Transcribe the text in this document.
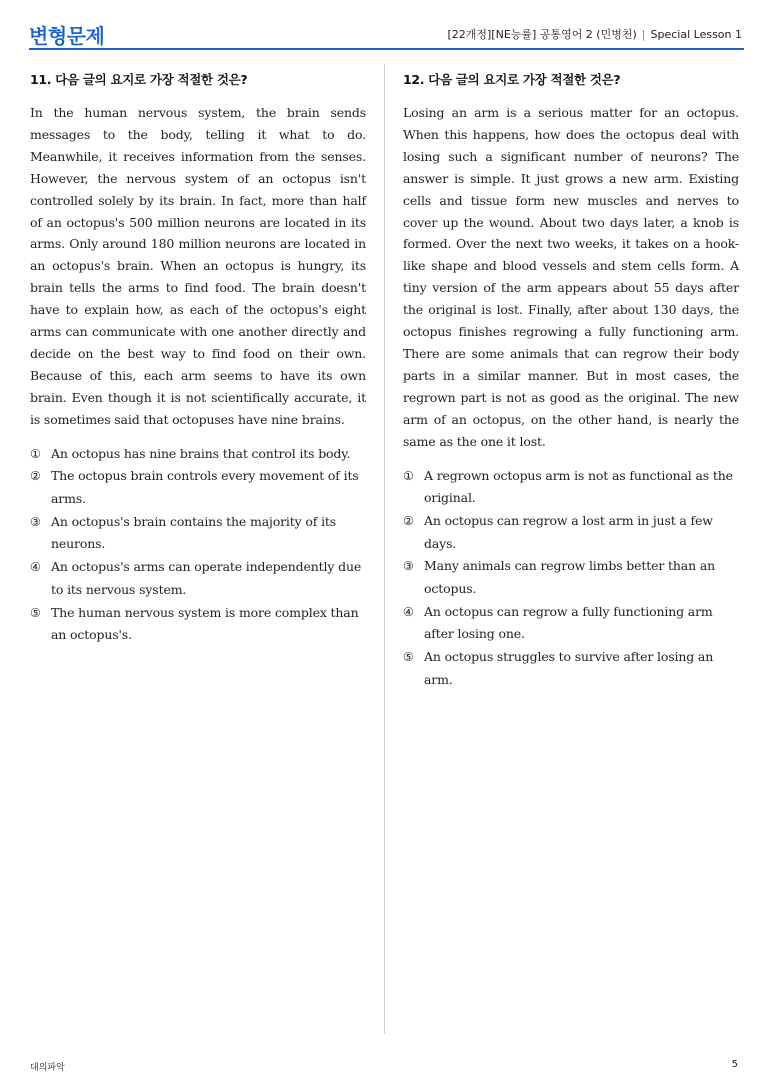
변형문제	[22개정][NE능률] 공통영어 2 (민병천) | Special Lesson 1
11. 다음 글의 요지로 가장 적절한 것은?

In the human nervous system, the brain sends messages to the body, telling it what to do. Meanwhile, it receives information from the senses. However, the nervous system of an octopus isn't controlled solely by its brain. In fact, more than half of an octopus's 500 million neurons are located in its arms. Only around 180 million neurons are located in an octopus's brain. When an octopus is hungry, its brain tells the arms to find food. The brain doesn't have to explain how, as each of the octopus's eight arms can communicate with one another directly and decide on the best way to find food on their own. Because of this, each arm seems to have its own brain. Even though it is not scientifically accurate, it is sometimes said that octopuses have nine brains.

① An octopus has nine brains that control its body.
② The octopus brain controls every movement of its arms.
③ An octopus's brain contains the majority of its neurons.
④ An octopus's arms can operate independently due to its nervous system.
⑤ The human nervous system is more complex than an octopus's.
12. 다음 글의 요지로 가장 적절한 것은?

Losing an arm is a serious matter for an octopus. When this happens, how does the octopus deal with losing such a significant number of neurons? The answer is simple. It just grows a new arm. Existing cells and tissue form new muscles and nerves to cover up the wound. About two days later, a knob is formed. Over the next two weeks, it takes on a hook-like shape and blood vessels and stem cells form. A tiny version of the arm appears about 55 days after the original is lost. Finally, after about 130 days, the octopus finishes regrowing a fully functioning arm. There are some animals that can regrow their body parts in a similar manner. But in most cases, the regrown part is not as good as the original. The new arm of an octopus, on the other hand, is nearly the same as the one it lost.

① A regrown octopus arm is not as functional as the original.
② An octopus can regrow a lost arm in just a few days.
③ Many animals can regrow limbs better than an octopus.
④ An octopus can regrow a fully functioning arm after losing one.
⑤ An octopus struggles to survive after losing an arm.
대의파악	5
